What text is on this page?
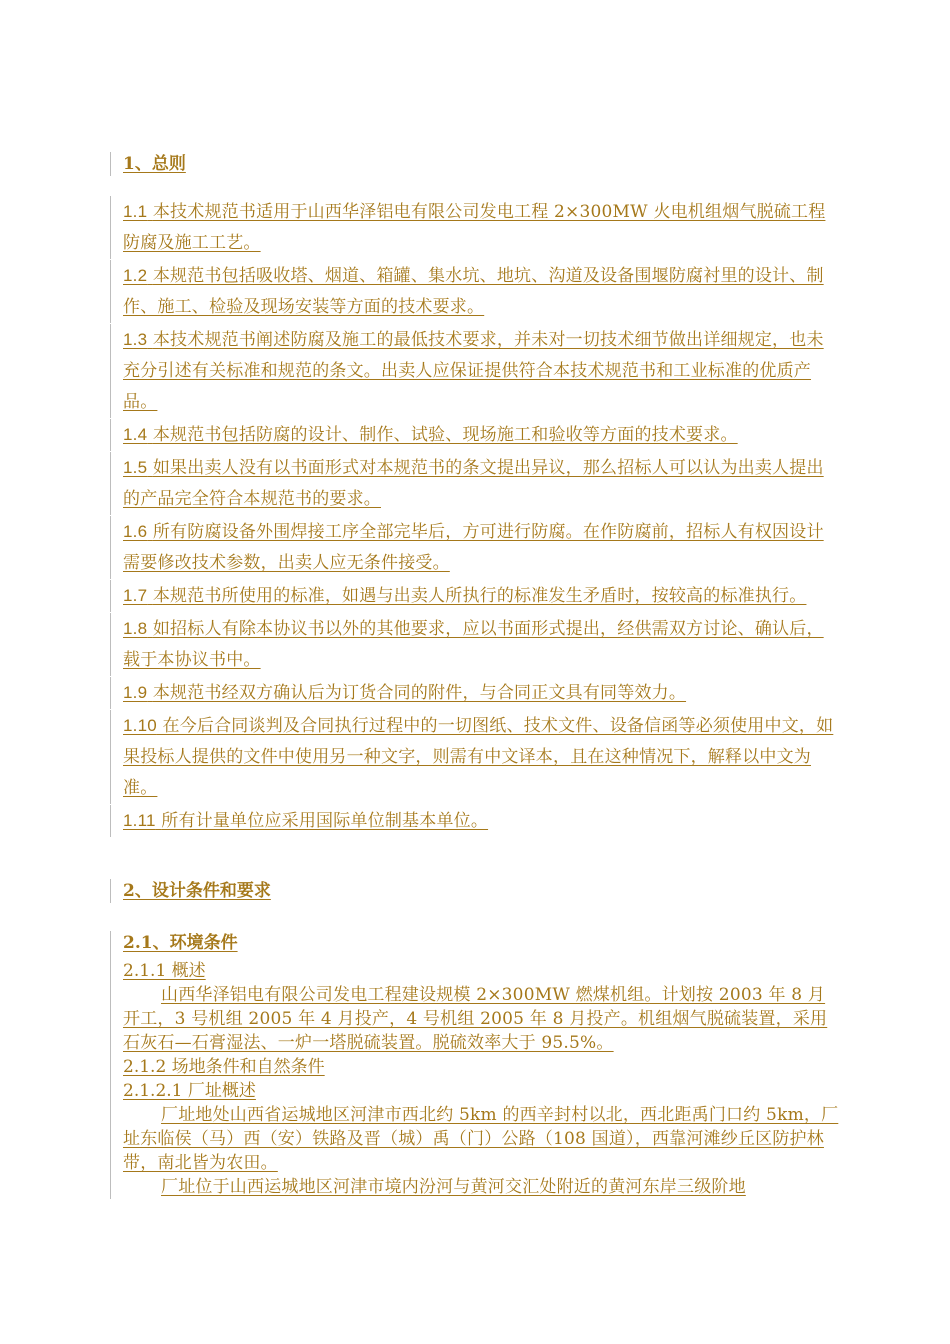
1、总则
1.1 本技术规范书适用于山西华泽铝电有限公司发电工程 2×300MW 火电机组烟气脱硫工程防腐及施工工艺。
1.2 本规范书包括吸收塔、烟道、箱罐、集水坑、地坑、沟道及设备围堰防腐衬里的设计、制作、施工、检验及现场安装等方面的技术要求。
1.3 本技术规范书阐述防腐及施工的最低技术要求，并未对一切技术细节做出详细规定，也未充分引述有关标准和规范的条文。出卖人应保证提供符合本技术规范书和工业标准的优质产品。
1.4 本规范书包括防腐的设计、制作、试验、现场施工和验收等方面的技术要求。
1.5 如果出卖人没有以书面形式对本规范书的条文提出异议，那么招标人可以认为出卖人提出的产品完全符合本规范书的要求。
1.6 所有防腐设备外围焊接工序全部完毕后，方可进行防腐。在作防腐前，招标人有权因设计需要修改技术参数，出卖人应无条件接受。
1.7 本规范书所使用的标准，如遇与出卖人所执行的标准发生矛盾时，按较高的标准执行。
1.8 如招标人有除本协议书以外的其他要求，应以书面形式提出，经供需双方讨论、确认后，载于本协议书中。
1.9 本规范书经双方确认后为订货合同的附件，与合同正文具有同等效力。
1.10 在今后合同谈判及合同执行过程中的一切图纸、技术文件、设备信函等必须使用中文，如果投标人提供的文件中使用另一种文字，则需有中文译本，且在这种情况下，解释以中文为准。
1.11 所有计量单位应采用国际单位制基本单位。
2、设计条件和要求
2.1、环境条件
2.1.1 概述
山西华泽铝电有限公司发电工程建设规模 2×300MW 燃煤机组。计划按 2003 年 8 月开工，3 号机组 2005 年 4 月投产，4 号机组 2005 年 8 月投产。机组烟气脱硫装置，采用石灰石—石膏湿法、一炉一塔脱硫装置。脱硫效率大于 95.5%。
2.1.2 场地条件和自然条件
2.1.2.1 厂址概述
厂址地处山西省运城地区河津市西北约 5km 的西辛封村以北，西北距禹门口约 5km，厂址东临侯（马）西（安）铁路及晋（城）禹（门）公路（108 国道），西靠河滩纱丘区防护林带，南北皆为农田。
厂址位于山西运城地区河津市境内汾河与黄河交汇处附近的黄河东岸三级阶地
